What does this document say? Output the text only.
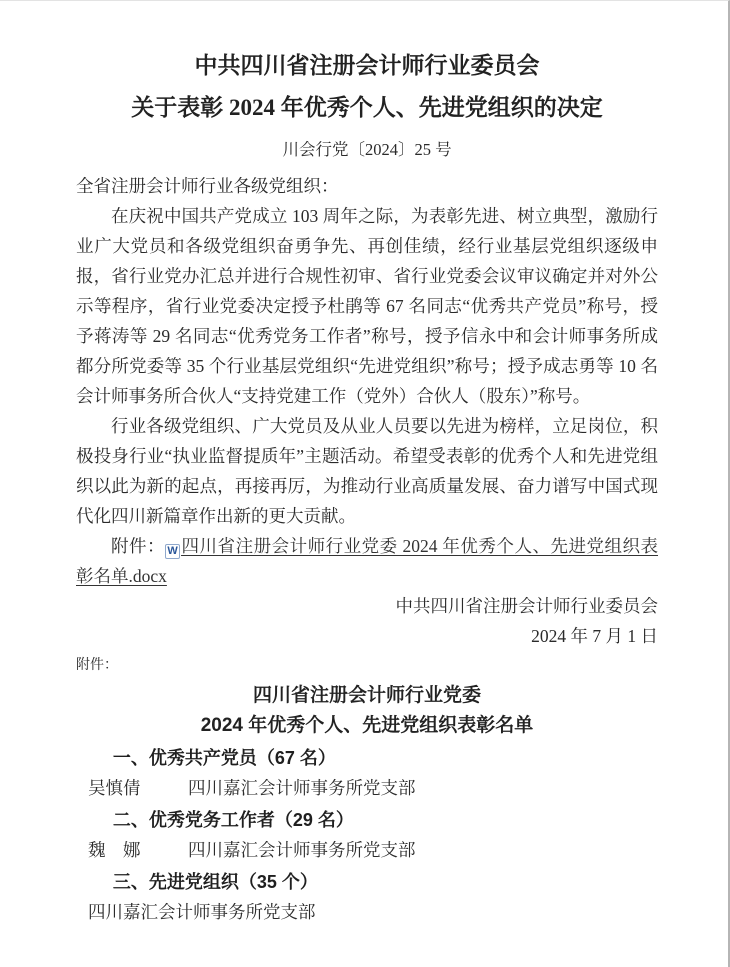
中共四川省注册会计师行业委员会
关于表彰 2024 年优秀个人、先进党组织的决定
川会行党〔2024〕25 号

全省注册会计师行业各级党组织：

在庆祝中国共产党成立 103 周年之际，为表彰先进、树立典型，激励行业广大党员和各级党组织奋勇争先、再创佳绩，经行业基层党组织逐级申报，省行业党办汇总并进行合规性初审、省行业党委会议审议确定并对外公示等程序，省行业党委决定授予杜鹃等 67 名同志“优秀共产党员”称号，授予蒋涛等 29 名同志“优秀党务工作者”称号，授予信永中和会计师事务所成都分所党委等 35 个行业基层党组织“先进党组织”称号；授予成志勇等 10 名会计师事务所合伙人“支持党建工作（党外）合伙人（股东）”称号。

行业各级党组织、广大党员及从业人员要以先进为榜样，立足岗位，积极投身行业“执业监督提质年”主题活动。希望受表彰的优秀个人和先进党组织以此为新的起点，再接再厉，为推动行业高质量发展、奋力谱写中国式现代化四川新篇章作出新的更大贡献。

附件： W 四川省注册会计师行业党委 2024 年优秀个人、先进党组织表彰名单.docx

中共四川省注册会计师行业委员会
2024 年 7 月 1 日

附件：

四川省注册会计师行业党委
2024 年优秀个人、先进党组织表彰名单
一、优秀共产党员（67 名）
吴慎倩	四川嘉汇会计师事务所党支部
二、优秀党务工作者（29 名）
魏　娜	四川嘉汇会计师事务所党支部
三、先进党组织（35 个）
四川嘉汇会计师事务所党支部
